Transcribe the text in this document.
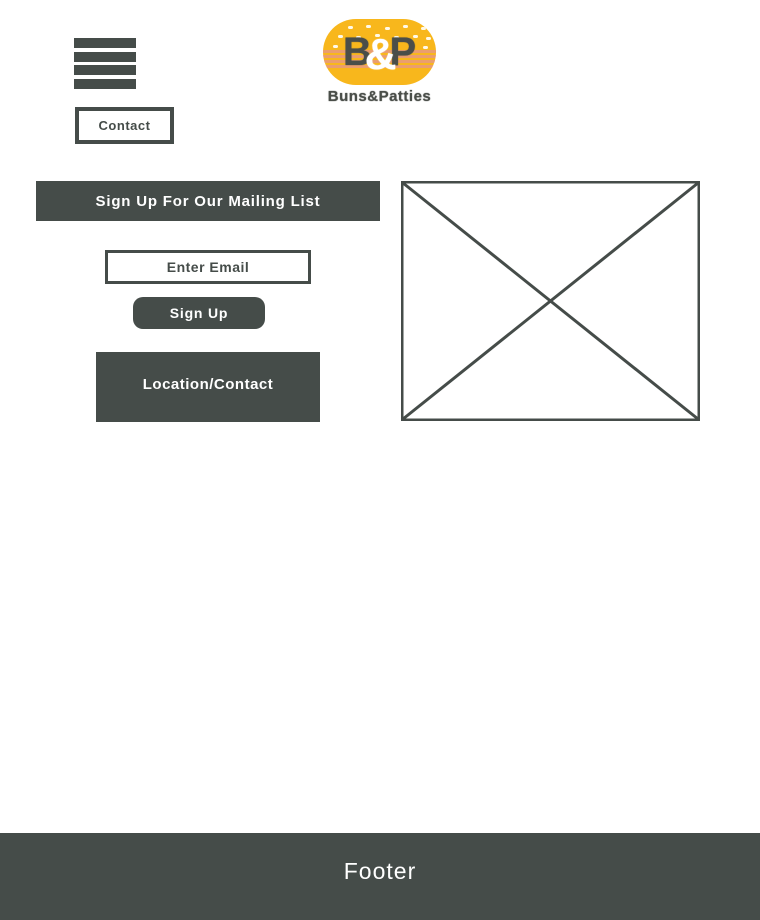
Contact
B
&
P
Buns&Patties
Sign Up For Our Mailing List
Enter Email
Sign Up
Location/Contact
Footer
